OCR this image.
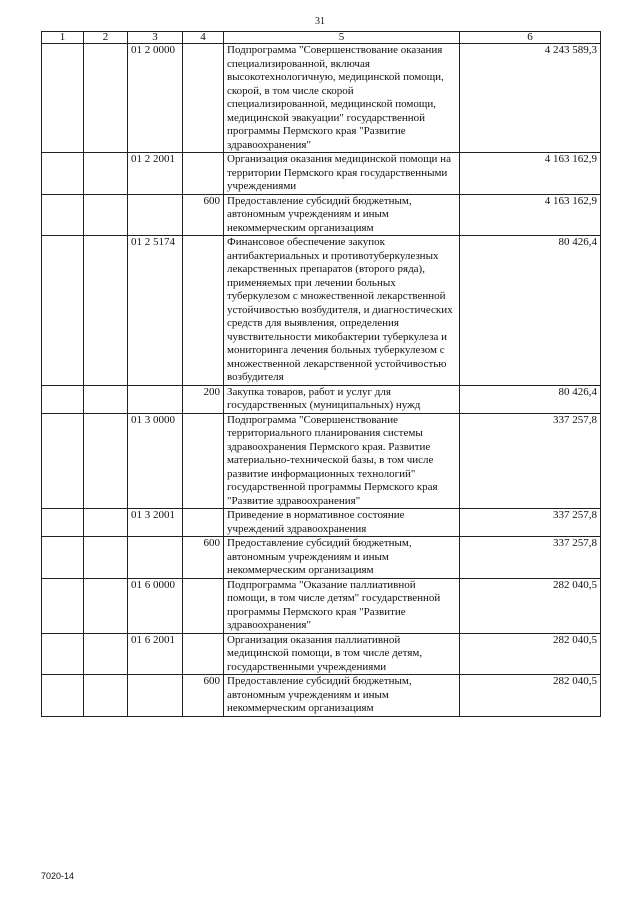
31
1	2	3	4	5	6
		01 2 0000		Подпрограмма "Совершенствование оказания специализированной, включая высокотехнологичную, медицинской помощи, скорой, в том числе скорой специализированной, медицинской помощи, медицинской эвакуации" государственной программы Пермского края "Развитие здравоохранения"	4 243 589,3
		01 2 2001		Организация оказания медицинской помощи на территории Пермского края государственными учреждениями	4 163 162,9
			600	Предоставление субсидий бюджетным, автономным учреждениям и иным некоммерческим организациям	4 163 162,9
		01 2 5174		Финансовое обеспечение закупок антибактериальных и противотуберкулезных лекарственных препаратов (второго ряда), применяемых при лечении больных туберкулезом с множественной лекарственной устойчивостью возбудителя, и диагностических средств для выявления, определения чувствительности микобактерии туберкулеза и мониторинга лечения больных туберкулезом с множественной лекарственной устойчивостью возбудителя	80 426,4
			200	Закупка товаров, работ и услуг для государственных (муниципальных) нужд	80 426,4
		01 3 0000		Подпрограмма "Совершенствование территориального планирования системы здравоохранения Пермского края. Развитие материально-технической базы, в том числе развитие информационных технологий" государственной программы Пермского края "Развитие здравоохранения"	337 257,8
		01 3 2001		Приведение в нормативное состояние учреждений здравоохранения	337 257,8
			600	Предоставление субсидий бюджетным, автономным учреждениям и иным некоммерческим организациям	337 257,8
		01 6 0000		Подпрограмма "Оказание паллиативной помощи, в том числе детям" государственной программы Пермского края "Развитие здравоохранения"	282 040,5
		01 6 2001		Организация оказания паллиативной медицинской помощи, в том числе детям, государственными учреждениями	282 040,5
			600	Предоставление субсидий бюджетным, автономным учреждениям и иным некоммерческим организациям	282 040,5
7020-14
